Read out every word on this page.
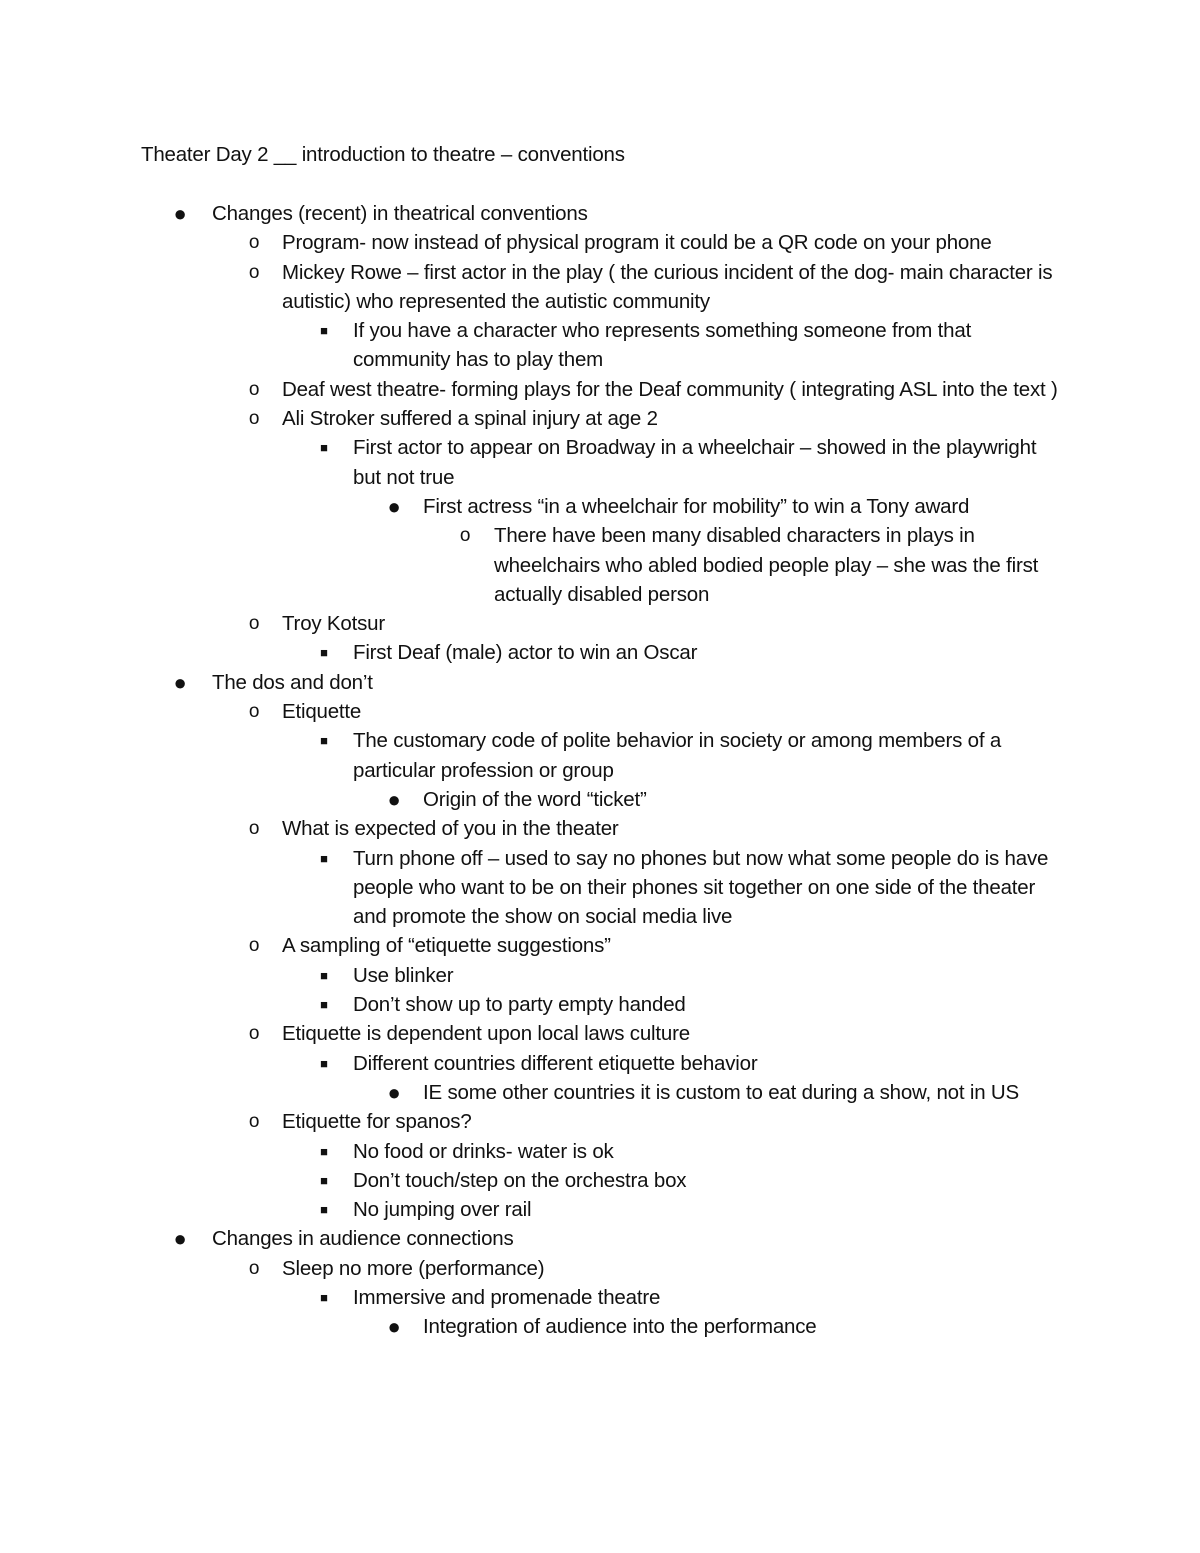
Theater Day 2 __ introduction to theatre – conventions
● Changes (recent) in theatrical conventions
o Program- now instead of physical program it could be a QR code on your phone
o Mickey Rowe – first actor in the play ( the curious incident of the dog- main character is autistic) who represented the autistic community
■	If you have a character who represents something someone from that community has to play them
o Deaf west theatre- forming plays for the Deaf community ( integrating ASL into the text )
o Ali Stroker suffered a spinal injury at age 2
■	First actor to appear on Broadway in a wheelchair – showed in the playwright but not true
● First actress “in a wheelchair for mobility” to win a Tony award
o There have been many disabled characters in plays in wheelchairs who abled bodied people play – she was the first actually disabled person
o Troy Kotsur
■	First Deaf (male) actor to win an Oscar
● The dos and don’t
o Etiquette
■	The customary code of polite behavior in society or among members of a particular profession or group
● Origin of the word “ticket”
o What is expected of you in the theater
■	Turn phone off – used to say no phones but now what some people do is have people who want to be on their phones sit together on one side of the theater and promote the show on social media live
o A sampling of “etiquette suggestions”
■	Use blinker
■	Don’t show up to party empty handed
o Etiquette is dependent upon local laws culture
■	Different countries different etiquette behavior
● IE some other countries it is custom to eat during a show, not in US
o Etiquette for spanos?
■	No food or drinks- water is ok
■	Don’t touch/step on the orchestra box
■	No jumping over rail
● Changes in audience connections
o Sleep no more (performance)
■	Immersive and promenade theatre
● Integration of audience into the performance
